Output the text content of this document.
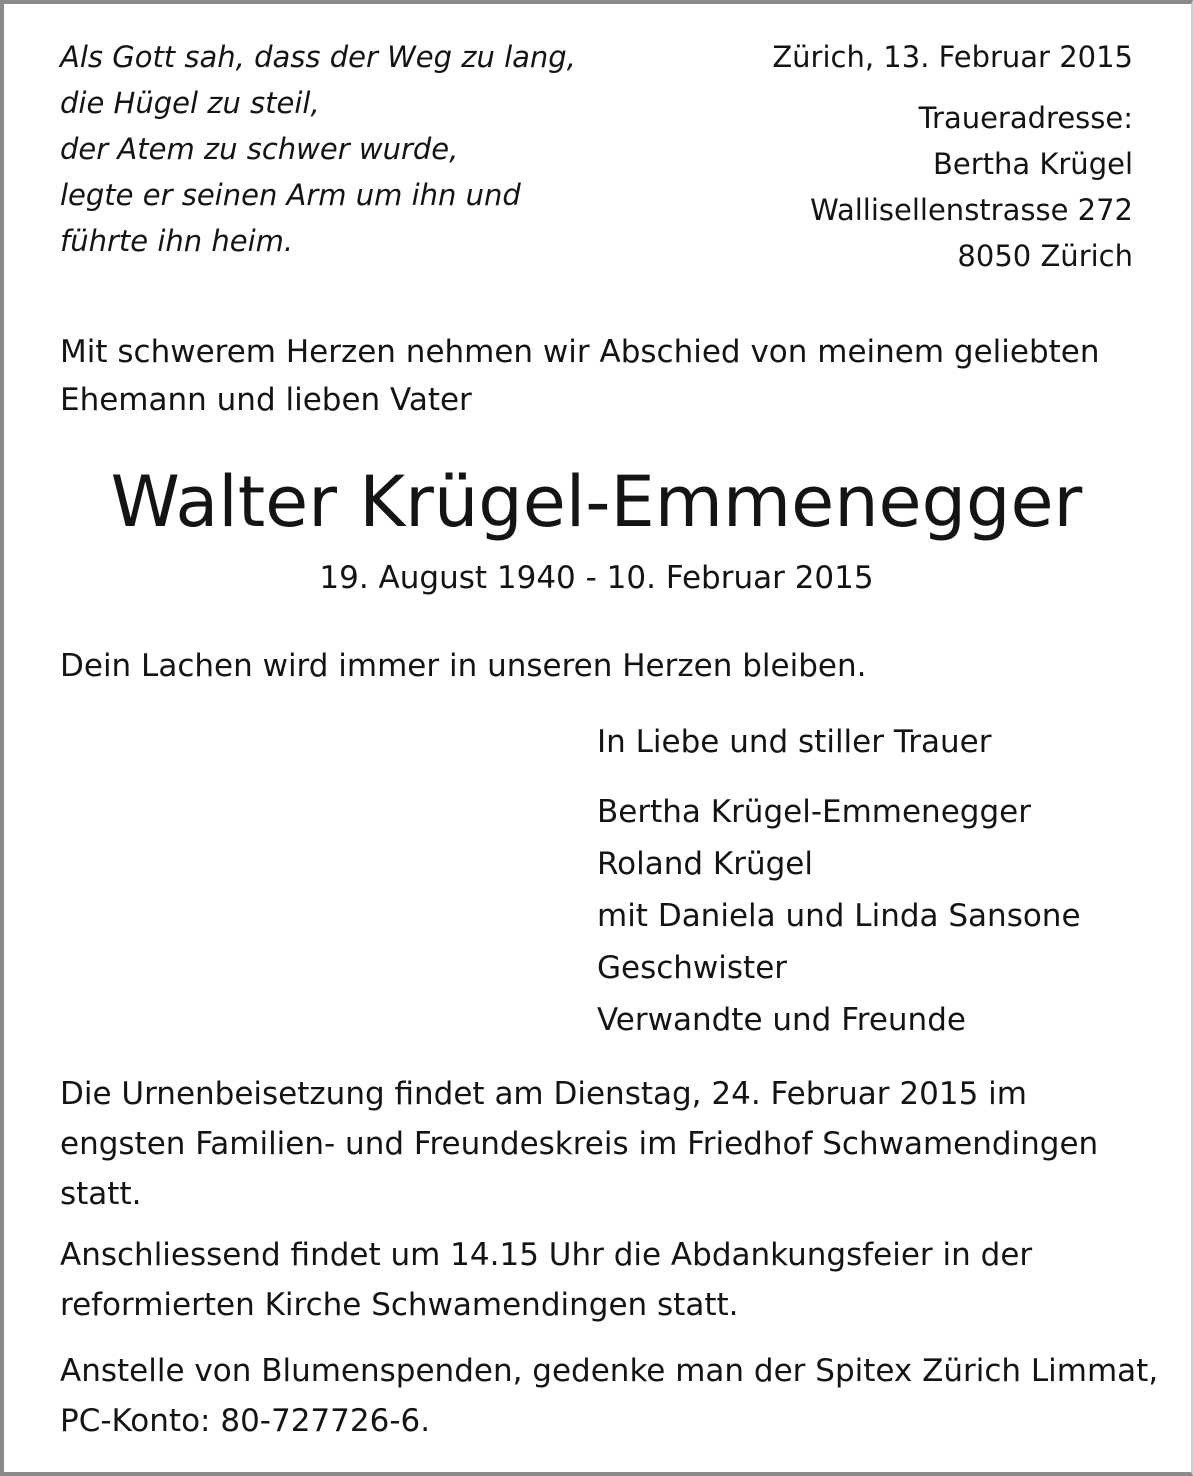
Als Gott sah, dass der Weg zu lang,
die Hügel zu steil,
der Atem zu schwer wurde,
legte er seinen Arm um ihn und
führte ihn heim.

Zürich, 13. Februar 2015

Traueradresse:
Bertha Krügel
Wallisellenstrasse 272
8050 Zürich

Mit schwerem Herzen nehmen wir Abschied von meinem geliebten
Ehemann und lieben Vater

Walter Krügel-Emmenegger

19. August 1940 - 10. Februar 2015

Dein Lachen wird immer in unseren Herzen bleiben.

In Liebe und stiller Trauer

Bertha Krügel-Emmenegger
Roland Krügel
mit Daniela und Linda Sansone
Geschwister
Verwandte und Freunde

Die Urnenbeisetzung findet am Dienstag, 24. Februar 2015 im
engsten Familien- und Freundeskreis im Friedhof Schwamendingen
statt.

Anschliessend findet um 14.15 Uhr die Abdankungsfeier in der
reformierten Kirche Schwamendingen statt.

Anstelle von Blumenspenden, gedenke man der Spitex Zürich Limmat,
PC-Konto: 80-727726-6.
